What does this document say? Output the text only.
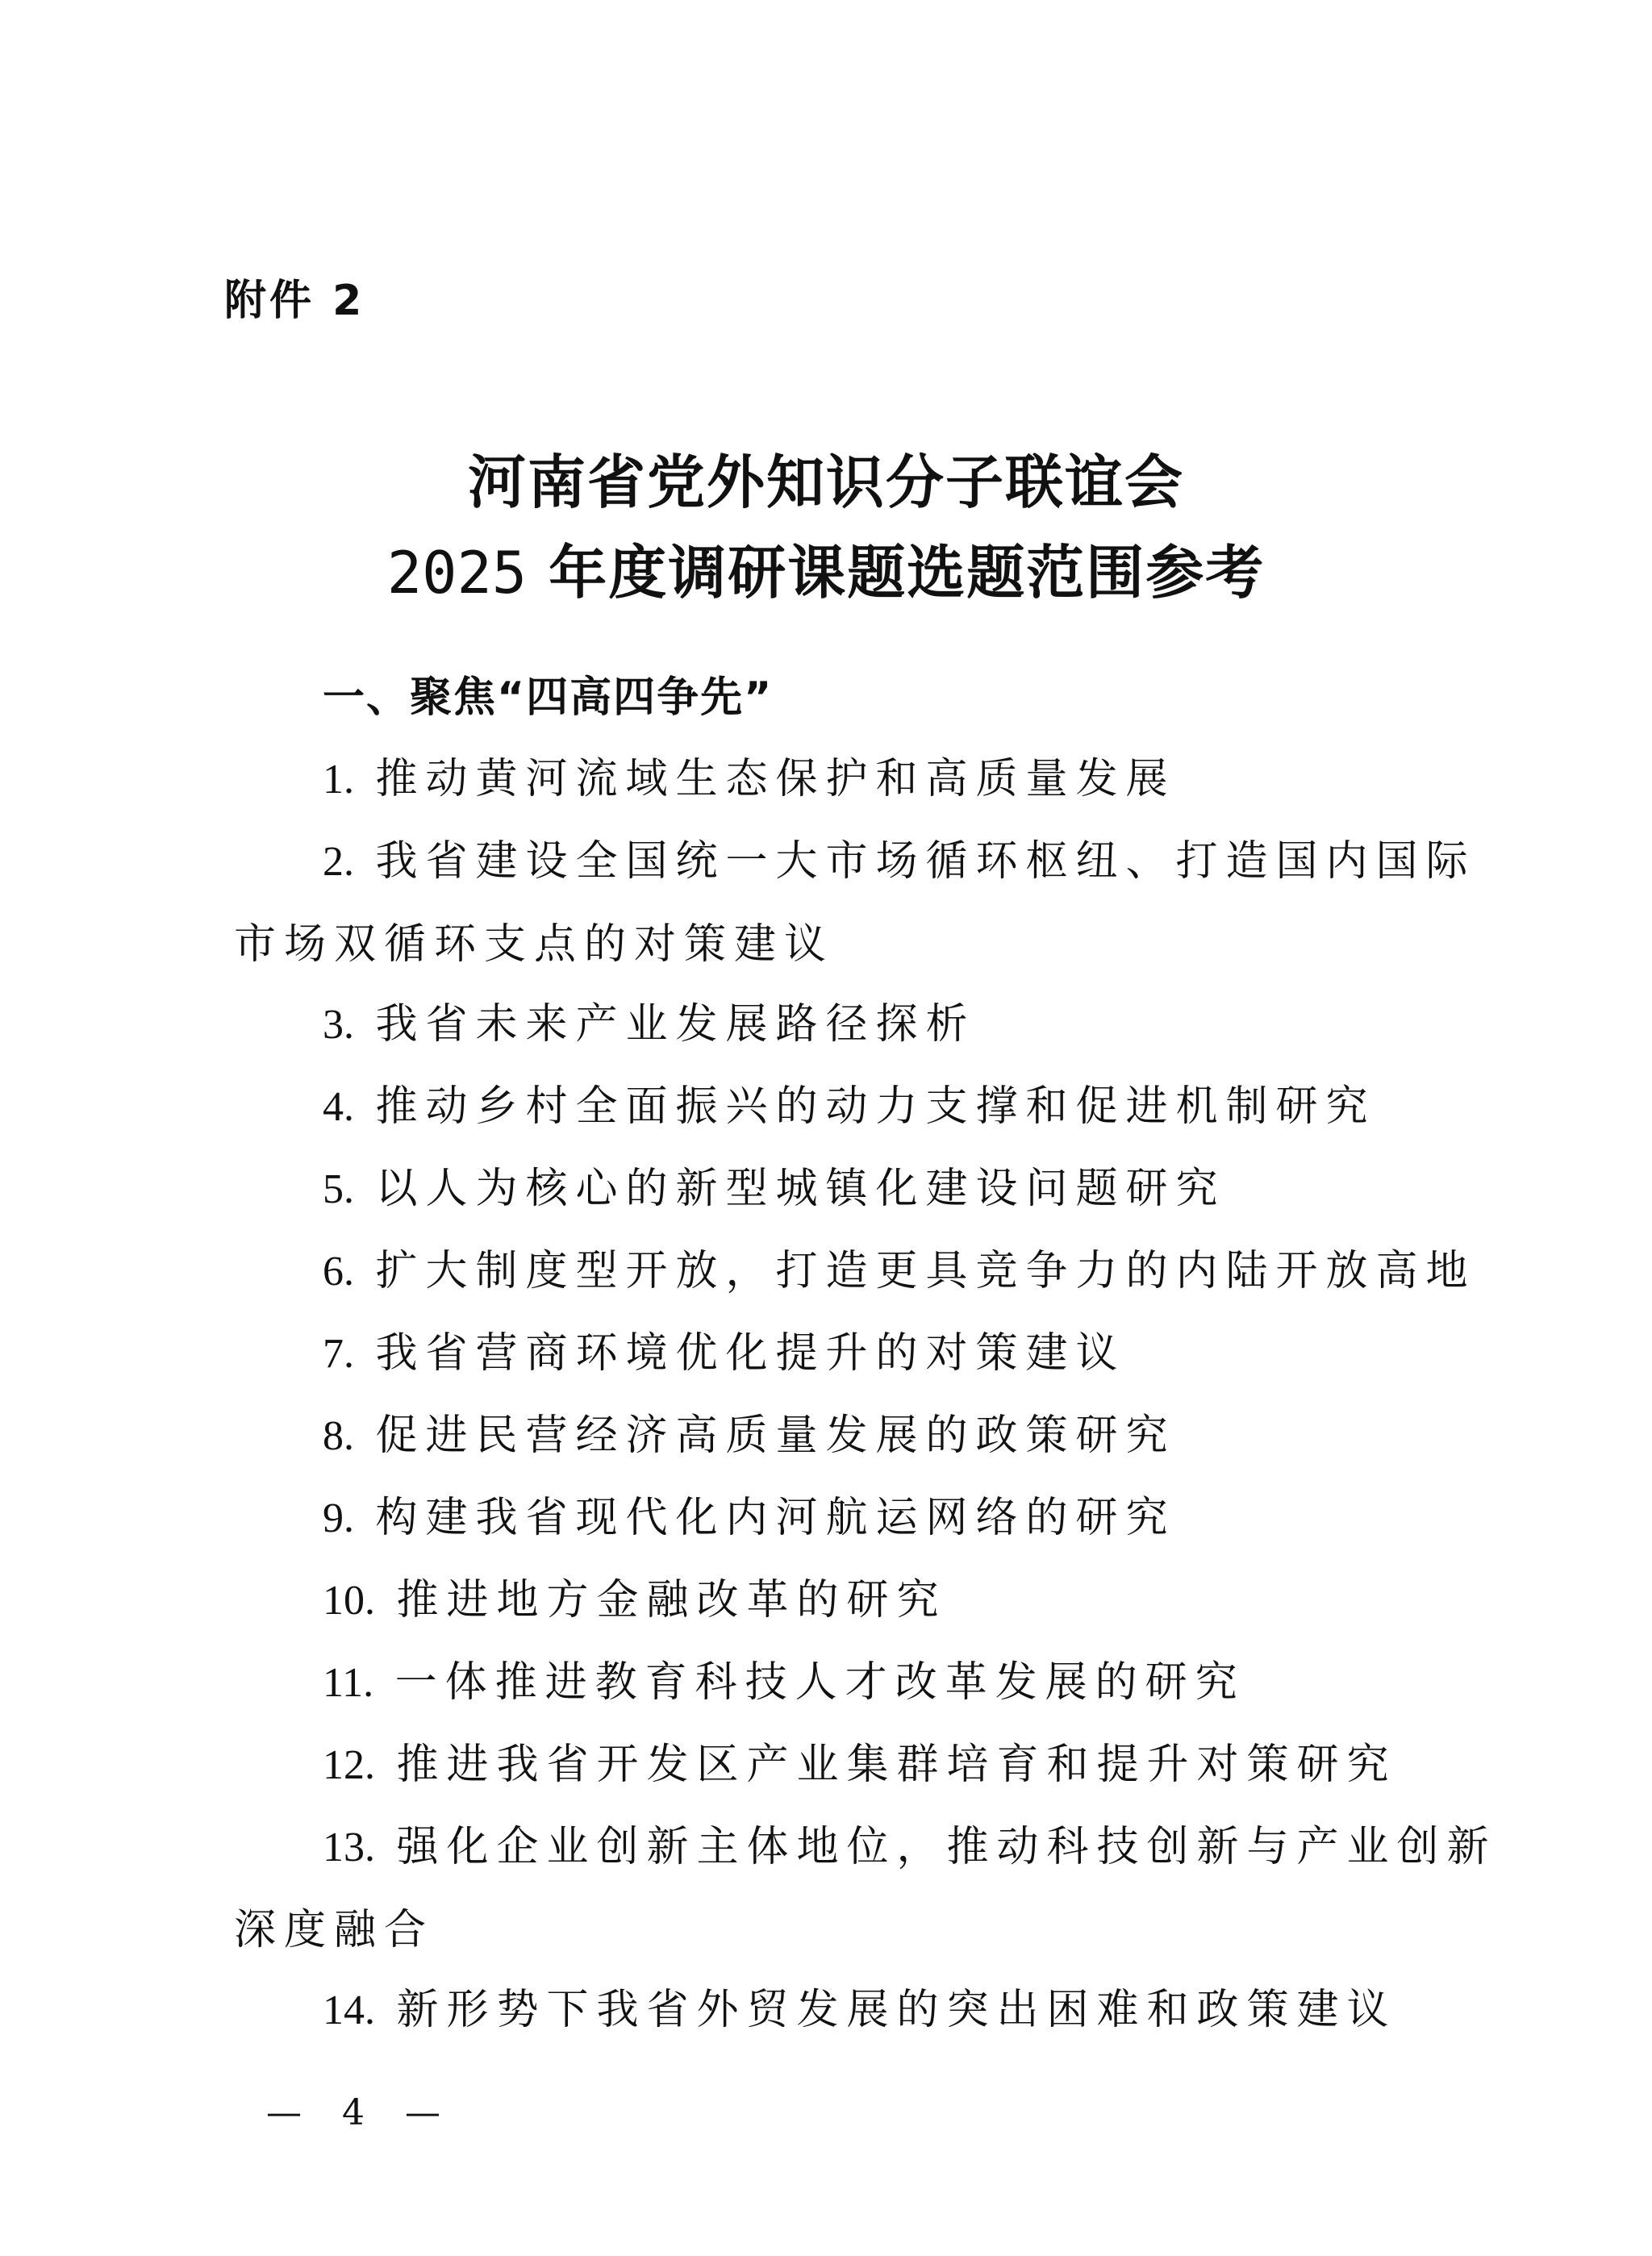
附件 2
河南省党外知识分子联谊会
2025 年度调研课题选题范围参考
一、聚焦“四高四争先”
1. 推动黄河流域生态保护和高质量发展
2. 我省建设全国统一大市场循环枢纽、打造国内国际
市场双循环支点的对策建议
3. 我省未来产业发展路径探析
4. 推动乡村全面振兴的动力支撑和促进机制研究
5. 以人为核心的新型城镇化建设问题研究
6. 扩大制度型开放，打造更具竞争力的内陆开放高地
7. 我省营商环境优化提升的对策建议
8. 促进民营经济高质量发展的政策研究
9. 构建我省现代化内河航运网络的研究
10. 推进地方金融改革的研究
11. 一体推进教育科技人才改革发展的研究
12. 推进我省开发区产业集群培育和提升对策研究
13. 强化企业创新主体地位，推动科技创新与产业创新
深度融合
14. 新形势下我省外贸发展的突出困难和政策建议
— 4 —
